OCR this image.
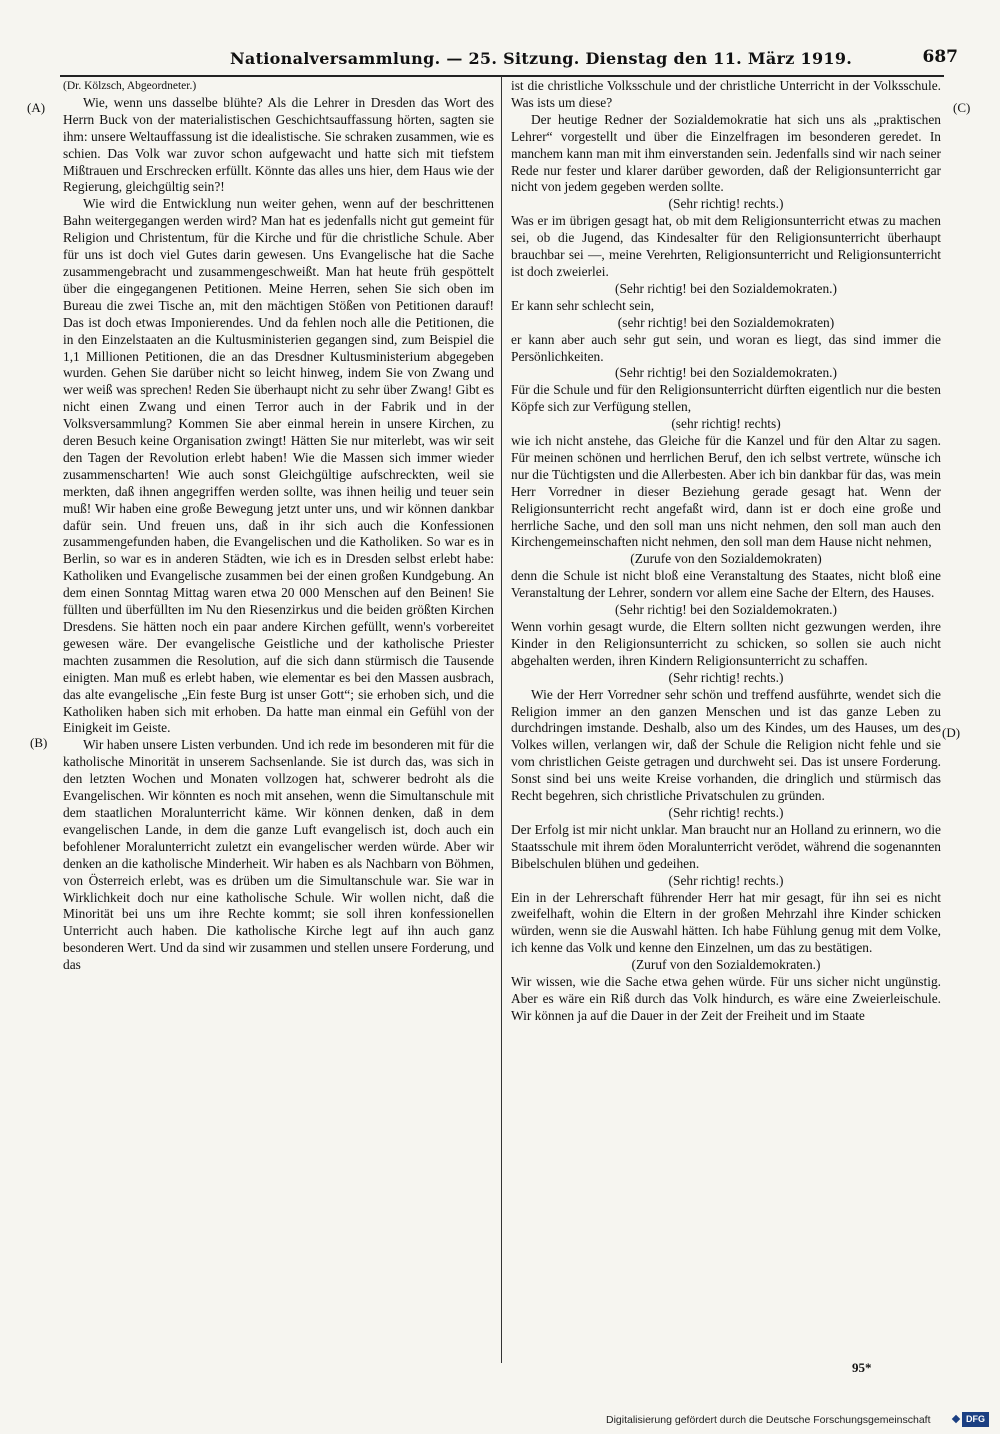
Nationalversammlung. — 25. Sitzung. Dienstag den 11. März 1919.	687
(A)
(B)
(C)
(D)

(Dr. Kölzsch, Abgeordneter.)

Wie, wenn uns dasselbe blühte? Als die Lehrer in Dresden das Wort des Herrn Buck von der materialistischen Geschichtsauffassung hörten, sagten sie ihm: unsere Weltauffassung ist die idealistische. Sie schraken zusammen, wie es schien. Das Volk war zuvor schon aufgewacht und hatte sich mit tiefstem Mißtrauen und Erschrecken erfüllt. Könnte das alles uns hier, dem Haus wie der Regierung, gleichgültig sein?!

Wie wird die Entwicklung nun weiter gehen, wenn auf der beschrittenen Bahn weitergegangen werden wird? Man hat es jedenfalls nicht gut gemeint für Religion und Christentum, für die Kirche und für die christliche Schule. Aber für uns ist doch viel Gutes darin gewesen. Uns Evangelische hat die Sache zusammengebracht und zusammengeschweißt. Man hat heute früh gespöttelt über die eingegangenen Petitionen. Meine Herren, sehen Sie sich oben im Bureau die zwei Tische an, mit den mächtigen Stößen von Petitionen darauf! Das ist doch etwas Imponierendes. Und da fehlen noch alle die Petitionen, die in den Einzelstaaten an die Kultusministerien gegangen sind, zum Beispiel die 1,1 Millionen Petitionen, die an das Dresdner Kultusministerium abgegeben wurden. Gehen Sie darüber nicht so leicht hinweg, indem Sie von Zwang und wer weiß was sprechen! Reden Sie überhaupt nicht zu sehr über Zwang! Gibt es nicht einen Zwang und einen Terror auch in der Fabrik und in der Volksversammlung? Kommen Sie aber einmal herein in unsere Kirchen, zu deren Besuch keine Organisation zwingt! Hätten Sie nur miterlebt, was wir seit den Tagen der Revolution erlebt haben! Wie die Massen sich immer wieder zusammenscharten! Wie auch sonst Gleichgültige aufschreckten, weil sie merkten, daß ihnen angegriffen werden sollte, was ihnen heilig und teuer sein muß! Wir haben eine große Bewegung jetzt unter uns, und wir können dankbar dafür sein. Und freuen uns, daß in ihr sich auch die Konfessionen zusammengefunden haben, die Evangelischen und die Katholiken. So war es in Berlin, so war es in anderen Städten, wie ich es in Dresden selbst erlebt habe: Katholiken und Evangelische zusammen bei der einen großen Kundgebung. An dem einen Sonntag Mittag waren etwa 20 000 Menschen auf den Beinen! Sie füllten und überfüllten im Nu den Riesenzirkus und die beiden größten Kirchen Dresdens. Sie hätten noch ein paar andere Kirchen gefüllt, wenn's vorbereitet gewesen wäre. Der evangelische Geistliche und der katholische Priester machten zusammen die Resolution, auf die sich dann stürmisch die Tausende einigten. Man muß es erlebt haben, wie elementar es bei den Massen ausbrach, das alte evangelische „Ein feste Burg ist unser Gott“; sie erhoben sich, und die Katholiken haben sich mit erhoben. Da hatte man einmal ein Gefühl von der Einigkeit im Geiste.

Wir haben unsere Listen verbunden. Und ich rede im besonderen mit für die katholische Minorität in unserem Sachsenlande. Sie ist durch das, was sich in den letzten Wochen und Monaten vollzogen hat, schwerer bedroht als die Evangelischen. Wir könnten es noch mit ansehen, wenn die Simultanschule mit dem staatlichen Moralunterricht käme. Wir können denken, daß in dem evangelischen Lande, in dem die ganze Luft evangelisch ist, doch auch ein befohlener Moralunterricht zuletzt ein evangelischer werden würde. Aber wir denken an die katholische Minderheit. Wir haben es als Nachbarn von Böhmen, von Österreich erlebt, was es drüben um die Simultanschule war. Sie war in Wirklichkeit doch nur eine katholische Schule. Wir wollen nicht, daß die Minorität bei uns um ihre Rechte kommt; sie soll ihren konfessionellen Unterricht auch haben. Die katholische Kirche legt auf ihn auch ganz besonderen Wert. Und da sind wir zusammen und stellen unsere Forderung, und das

ist die christliche Volksschule und der christliche Unterricht in der Volksschule. Was ists um diese?

Der heutige Redner der Sozialdemokratie hat sich uns als „praktischen Lehrer“ vorgestellt und über die Einzelfragen im besonderen geredet. In manchem kann man mit ihm einverstanden sein. Jedenfalls sind wir nach seiner Rede nur fester und klarer darüber geworden, daß der Religionsunterricht gar nicht von jedem gegeben werden sollte.

(Sehr richtig! rechts.)

Was er im übrigen gesagt hat, ob mit dem Religionsunterricht etwas zu machen sei, ob die Jugend, das Kindesalter für den Religionsunterricht überhaupt brauchbar sei —, meine Verehrten, Religionsunterricht und Religionsunterricht ist doch zweierlei.

(Sehr richtig! bei den Sozialdemokraten.)

Er kann sehr schlecht sein,

(sehr richtig! bei den Sozialdemokraten)

er kann aber auch sehr gut sein, und woran es liegt, das sind immer die Persönlichkeiten.

(Sehr richtig! bei den Sozialdemokraten.)

Für die Schule und für den Religionsunterricht dürften eigentlich nur die besten Köpfe sich zur Verfügung stellen,

(sehr richtig! rechts)

wie ich nicht anstehe, das Gleiche für die Kanzel und für den Altar zu sagen. Für meinen schönen und herrlichen Beruf, den ich selbst vertrete, wünsche ich nur die Tüchtigsten und die Allerbesten. Aber ich bin dankbar für das, was mein Herr Vorredner in dieser Beziehung gerade gesagt hat. Wenn der Religionsunterricht recht angefaßt wird, dann ist er doch eine große und herrliche Sache, und den soll man uns nicht nehmen, den soll man auch den Kirchengemeinschaften nicht nehmen, den soll man dem Hause nicht nehmen,

(Zurufe von den Sozialdemokraten)

denn die Schule ist nicht bloß eine Veranstaltung des Staates, nicht bloß eine Veranstaltung der Lehrer, sondern vor allem eine Sache der Eltern, des Hauses.

(Sehr richtig! bei den Sozialdemokraten.)

Wenn vorhin gesagt wurde, die Eltern sollten nicht gezwungen werden, ihre Kinder in den Religionsunterricht zu schicken, so sollen sie auch nicht abgehalten werden, ihren Kindern Religionsunterricht zu schaffen.

(Sehr richtig! rechts.)

Wie der Herr Vorredner sehr schön und treffend ausführte, wendet sich die Religion immer an den ganzen Menschen und ist das ganze Leben zu durchdringen imstande. Deshalb, also um des Kindes, um des Hauses, um des Volkes willen, verlangen wir, daß der Schule die Religion nicht fehle und sie vom christlichen Geiste getragen und durchweht sei. Das ist unsere Forderung. Sonst sind bei uns weite Kreise vorhanden, die dringlich und stürmisch das Recht begehren, sich christliche Privatschulen zu gründen.

(Sehr richtig! rechts.)

Der Erfolg ist mir nicht unklar. Man braucht nur an Holland zu erinnern, wo die Staatsschule mit ihrem öden Moralunterricht verödet, während die sogenannten Bibelschulen blühen und gedeihen.

(Sehr richtig! rechts.)

Ein in der Lehrerschaft führender Herr hat mir gesagt, für ihn sei es nicht zweifelhaft, wohin die Eltern in der großen Mehrzahl ihre Kinder schicken würden, wenn sie die Auswahl hätten. Ich habe Fühlung genug mit dem Volke, ich kenne das Volk und kenne den Einzelnen, um das zu bestätigen.

(Zuruf von den Sozialdemokraten.)

Wir wissen, wie die Sache etwa gehen würde. Für uns sicher nicht ungünstig. Aber es wäre ein Riß durch das Volk hindurch, es wäre eine Zweierleischule. Wir können ja auf die Dauer in der Zeit der Freiheit und im Staate

95*
Digitalisierung gefördert durch die Deutsche Forschungsgemeinschaft	DFG
